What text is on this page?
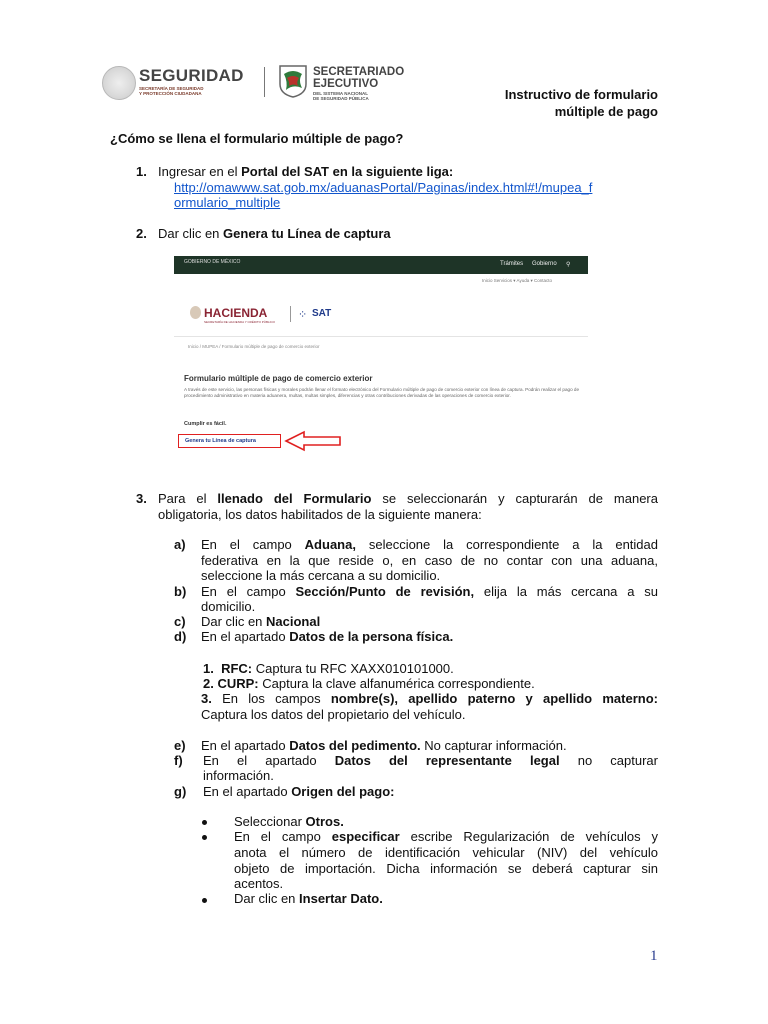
SEGURIDAD
SECRETARÍA DE SEGURIDAD
Y PROTECCIÓN CIUDADANA
SECRETARIADO
EJECUTIVO
DEL SISTEMA NACIONAL
DE SEGURIDAD PÚBLICA	Instructivo de formulario
múltiple de pago
¿Cómo se llena el formulario múltiple de pago?
1. Ingresar en el Portal del SAT en la siguiente liga:
http://omawww.sat.gob.mx/aduanasPortal/Paginas/index.html#!/mupea_f
ormulario_multiple
2. Dar clic en Genera tu Línea de captura
GOBIERNO DE MÉXICO	Trámites Gobierno ⚲
Inicio Servicios ▾ Ayuda ▾ Contacto
HACIENDA
SECRETARÍA DE HACIENDA Y CRÉDITO PÚBLICO
⁘ SAT
Inicio / MUPEA / Formulario múltiple de pago de comercio exterior
Formulario múltiple de pago de comercio exterior
A través de este servicio, las personas físicas y morales podrán llenar el formato electrónico del Formulario múltiple de pago de comercio exterior con línea de captura. Podrán realizar el pago de procedimiento administrativo en materia aduanera, multas, multas simples, diferencias y otras contribuciones derivadas de las operaciones de comercio exterior.
Cumplir es fácil.
Genera tu Línea de captura
3. Para el llenado del Formulario se seleccionarán y capturarán de manera
obligatoria, los datos habilitados de la siguiente manera:
a) En el campo Aduana, seleccione la correspondiente a la entidad
federativa en la que reside o, en caso de no contar con una aduana,
seleccione la más cercana a su domicilio.
b) En el campo Sección/Punto de revisión, elija la más cercana a su
domicilio.
c) Dar clic en Nacional
d) En el apartado Datos de la persona física.
1. RFC: Captura tu RFC XAXX010101000.
2. CURP: Captura la clave alfanumérica correspondiente.
3. En los campos nombre(s), apellido paterno y apellido materno:
Captura los datos del propietario del vehículo.
e) En el apartado Datos del pedimento. No capturar información.
f) En el apartado Datos del representante legal no capturar
información.
g) En el apartado Origen del pago:
Seleccionar Otros.
En el campo especificar escribe Regularización de vehículos y
anota el número de identificación vehicular (NIV) del vehículo
objeto de importación. Dicha información se deberá capturar sin
acentos.
Dar clic en Insertar Dato.
1
